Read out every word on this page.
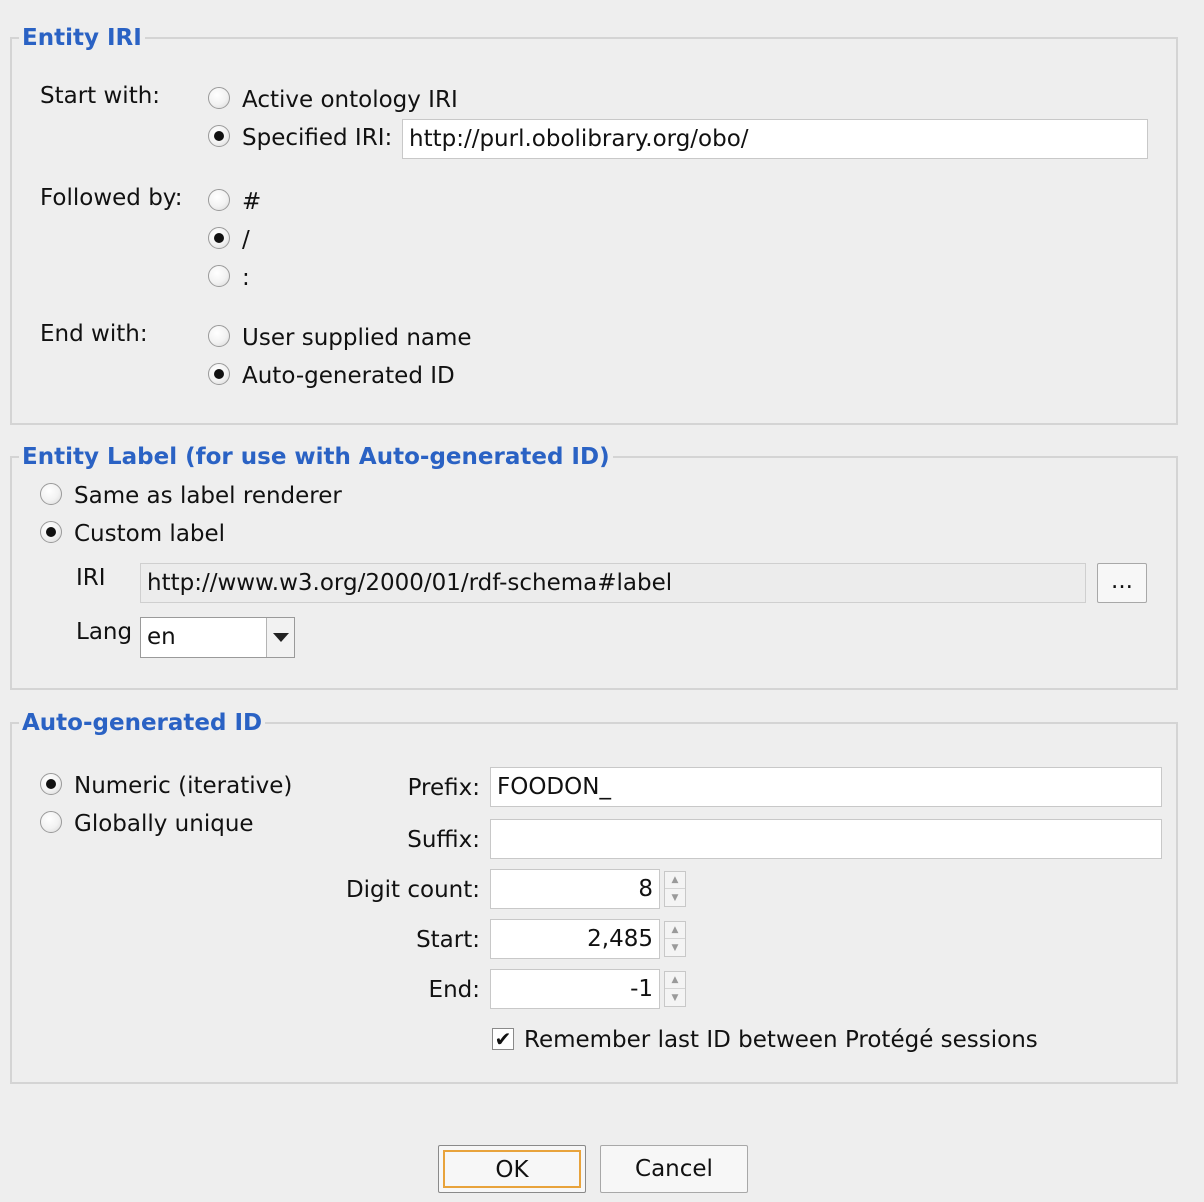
Entity IRI
Start with:	Active ontology IRI
Specified IRI: http://purl.obolibrary.org/obo/
Followed by:	#
/
:
End with:	User supplied name
Auto-generated ID
Entity Label (for use with Auto-generated ID)
Same as label renderer
Custom label
IRI	http://www.w3.org/2000/01/rdf-schema#label	...
Lang en
Auto-generated ID
Numeric (iterative)
Globally unique
Prefix: FOODON_
Suffix:
Digit count:	8	▲
▼
Start:	2,485	▲
▼
End:	-1	▲
▼
✔ Remember last ID between Protégé sessions
OK	Cancel
